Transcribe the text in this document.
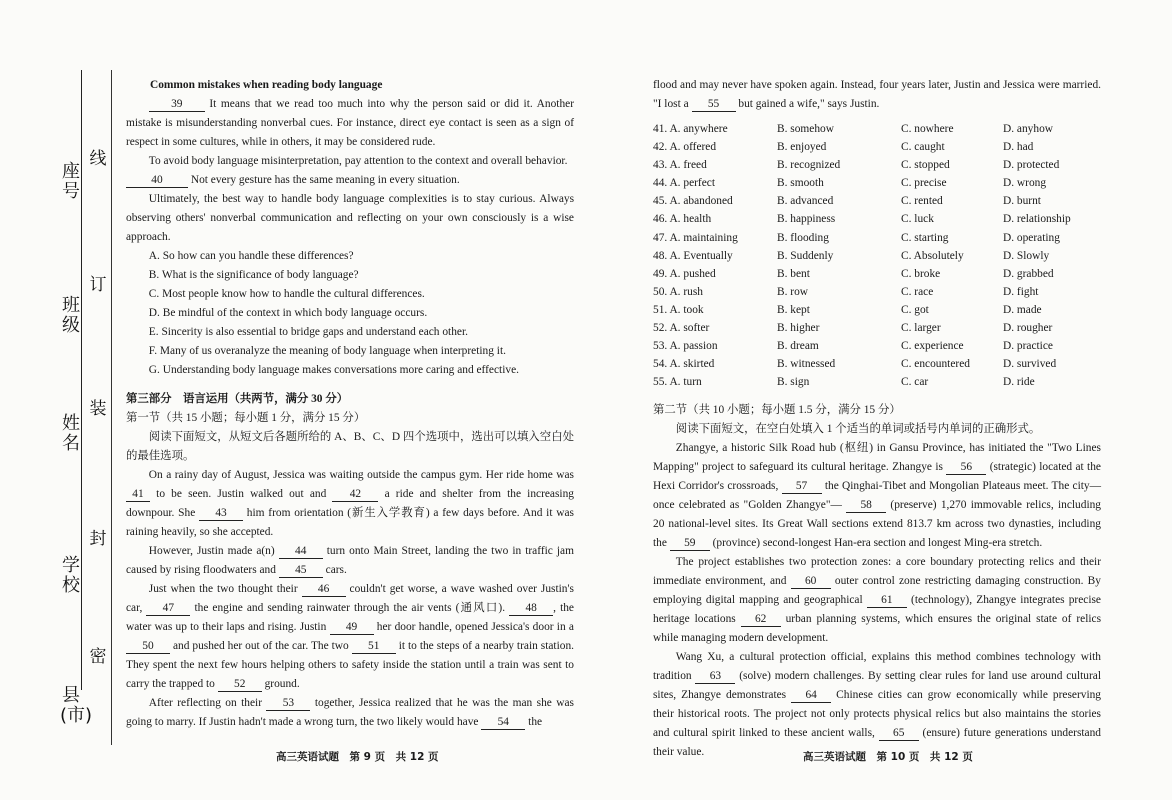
县(市)
学校
姓名
班级
座号
密
封
装
订
线

Common mistakes when reading body language

39 It means that we read too much into why the person said or did it. Another mistake is misunderstanding nonverbal cues. For instance, direct eye contact is seen as a sign of respect in some cultures, while in others, it may be considered rude.

To avoid body language misinterpretation, pay attention to the context and overall behavior.

40 Not every gesture has the same meaning in every situation.

Ultimately, the best way to handle body language complexities is to stay curious. Always observing others' nonverbal communication and reflecting on your own consciously is a wise approach.

A. So how can you handle these differences?

B. What is the significance of body language?

C. Most people know how to handle the cultural differences.

D. Be mindful of the context in which body language occurs.

E. Sincerity is also essential to bridge gaps and understand each other.

F. Many of us overanalyze the meaning of body language when interpreting it.

G. Understanding body language makes conversations more caring and effective.

第三部分　语言运用（共两节，满分 30 分）

第一节（共 15 小题；每小题 1 分，满分 15 分）

阅读下面短文，从短文后各题所给的 A、B、C、D 四个选项中，选出可以填入空白处的最佳选项。

On a rainy day of August, Jessica was waiting outside the campus gym. Her ride home was 41 to be seen. Justin walked out and 42 a ride and shelter from the increasing downpour. She 43 him from orientation (新生入学教育) a few days before. And it was raining heavily, so she accepted.

However, Justin made a(n) 44 turn onto Main Street, landing the two in traffic jam caused by rising floodwaters and 45 cars.

Just when the two thought their 46 couldn't get worse, a wave washed over Justin's car, 47 the engine and sending rainwater through the air vents (通风口). 48 , the water was up to their laps and rising. Justin 49 her door handle, opened Jessica's door in a 50 and pushed her out of the car. The two 51 it to the steps of a nearby train station. They spent the next few hours helping others to safety inside the station until a train was sent to carry the trapped to 52 ground.

After reflecting on their 53 together, Jessica realized that he was the man she was going to marry. If Justin hadn't made a wrong turn, the two likely would have 54 the

高三英语试题　第 9 页　共 12 页

flood and may never have spoken again. Instead, four years later, Justin and Jessica were married. "I lost a 55 but gained a wife," says Justin.

41. A. anywhere	B. somehow	C. nowhere	D. anyhow
42. A. offered	B. enjoyed	C. caught	D. had
43. A. freed	B. recognized	C. stopped	D. protected
44. A. perfect	B. smooth	C. precise	D. wrong
45. A. abandoned	B. advanced	C. rented	D. burnt
46. A. health	B. happiness	C. luck	D. relationship
47. A. maintaining	B. flooding	C. starting	D. operating
48. A. Eventually	B. Suddenly	C. Absolutely	D. Slowly
49. A. pushed	B. bent	C. broke	D. grabbed
50. A. rush	B. row	C. race	D. fight
51. A. took	B. kept	C. got	D. made
52. A. softer	B. higher	C. larger	D. rougher
53. A. passion	B. dream	C. experience	D. practice
54. A. skirted	B. witnessed	C. encountered	D. survived
55. A. turn	B. sign	C. car	D. ride

第二节（共 10 小题；每小题 1.5 分，满分 15 分）

阅读下面短文，在空白处填入 1 个适当的单词或括号内单词的正确形式。

Zhangye, a historic Silk Road hub (枢纽) in Gansu Province, has initiated the "Two Lines Mapping" project to safeguard its cultural heritage. Zhangye is 56 (strategic) located at the Hexi Corridor's crossroads, 57 the Qinghai-Tibet and Mongolian Plateaus meet. The city—once celebrated as "Golden Zhangye"— 58 (preserve) 1,270 immovable relics, including 20 national-level sites. Its Great Wall sections extend 813.7 km across two dynasties, including the 59 (province) second-longest Han-era section and longest Ming-era stretch.

The project establishes two protection zones: a core boundary protecting relics and their immediate environment, and 60 outer control zone restricting damaging construction. By employing digital mapping and geographical 61 (technology), Zhangye integrates precise heritage locations 62 urban planning systems, which ensures the original state of relics while managing modern development.

Wang Xu, a cultural protection official, explains this method combines technology with tradition 63 (solve) modern challenges. By setting clear rules for land use around cultural sites, Zhangye demonstrates 64 Chinese cities can grow economically while preserving their historical roots. The project not only protects physical relics but also maintains the stories and cultural spirit linked to these ancient walls, 65 (ensure) future generations understand their value.	高三英语试题　第 10 页　共 12 页
